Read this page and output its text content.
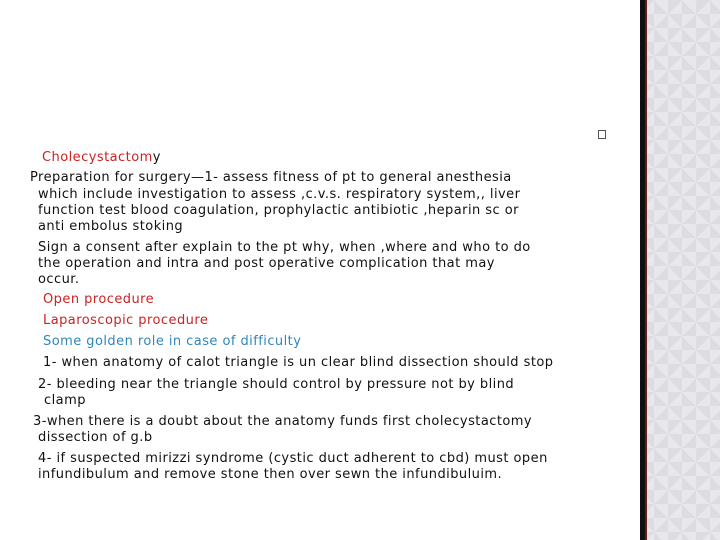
Cholecystactomy
Preparation for surgery—1- assess fitness of pt to general anesthesia
which include investigation to assess ,c.v.s. respiratory system,, liver
function test blood coagulation, prophylactic antibiotic ,heparin sc or
anti embolus stoking
Sign a consent after explain to the pt why, when ,where and who to do
the operation and intra and post operative complication that may
occur.
Open procedure
Laparoscopic procedure
Some golden role in case of difficulty
1- when anatomy of calot triangle is un clear blind dissection should stop
2- bleeding near the triangle should control by pressure not by blind
clamp
3-when there is a doubt about the anatomy funds first cholecystactomy
dissection of g.b
4- if suspected mirizzi syndrome (cystic duct adherent to cbd) must open
infundibulum and remove stone then over sewn the infundibuluim.
